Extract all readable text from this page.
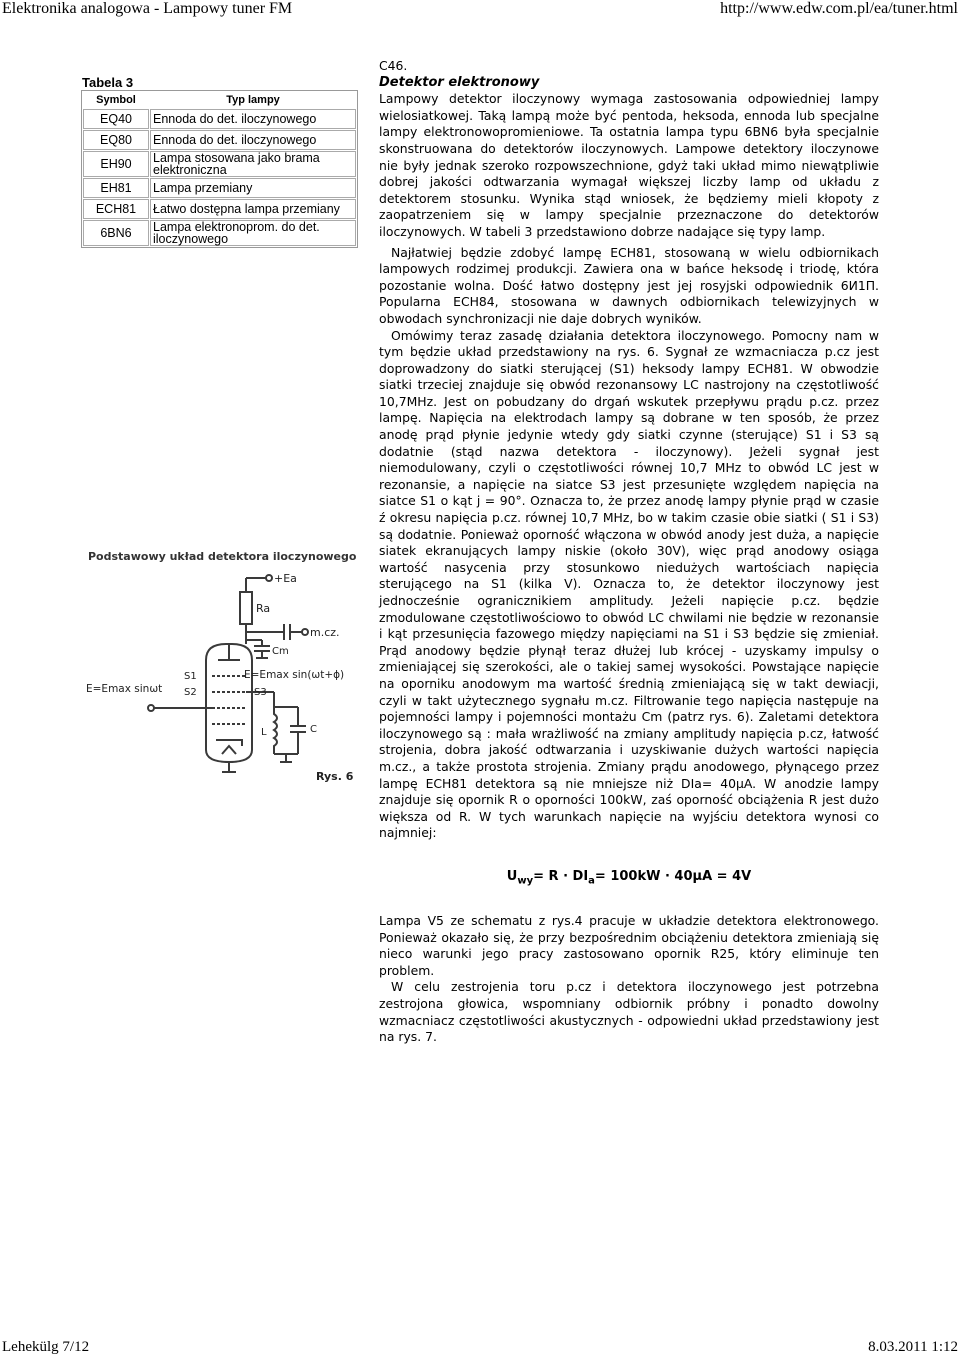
Elektronika analogowa - Lampowy tuner FM	http://www.edw.com.pl/ea/tuner.html
Tabela 3
Symbol	Typ lampy
EQ40	Ennoda do det. iloczynowego
EQ80	Ennoda do det. iloczynowego
EH90	Lampa stosowana jako brama elektroniczna
EH81	Lampa przemiany
ECH81	Łatwo dostępna lampa przemiany
6BN6	Lampa elektronoprom. do det. iloczynowego
Podstawowy układ detektora iloczynowego
+Ea
Ra
m.cz.
Cm
E=Emax sinωt
E=Emax sin(ωt+ϕ)
S1
S2	S3
L	C
Rys. 6

C46.

Detektor elektronowy

Lampowy detektor iloczynowy wymaga zastosowania odpowiedniej lampy wielosiatkowej. Taką lampą może być pentoda, heksoda, ennoda lub specjalne lampy elektronowopromieniowe. Ta ostatnia lampa typu 6BN6 była specjalnie skonstruowana do detektorów iloczynowych. Lampowe detektory iloczynowe nie były jednak szeroko rozpowszechnione, gdyż taki układ mimo niewątpliwie dobrej jakości odtwarzania wymagał większej liczby lamp od układu z detektorem stosunku. Wynika stąd wniosek, że będziemy mieli kłopoty z zaopatrzeniem się w lampy specjalnie przeznaczone do detektorów iloczynowych. W tabeli 3 przedstawiono dobrze nadające się typy lamp.

Najłatwiej będzie zdobyć lampę ECH81, stosowaną w wielu odbiornikach lampowych rodzimej produkcji. Zawiera ona w bańce heksodę i triodę, która pozostanie wolna. Dość łatwo dostępny jest jej rosyjski odpowiednik 6И1П. Popularna ECH84, stosowana w dawnych odbiornikach telewizyjnych w obwodach synchronizacji nie daje dobrych wyników.

Omówimy teraz zasadę działania detektora iloczynowego. Pomocny nam w tym będzie układ przedstawiony na rys. 6. Sygnał ze wzmacniacza p.cz jest doprowadzony do siatki sterującej (S1) heksody lampy ECH81. W obwodzie siatki trzeciej znajduje się obwód rezonansowy LC nastrojony na częstotliwość 10,7MHz. Jest on pobudzany do drgań wskutek przepływu prądu p.cz. przez lampę. Napięcia na elektrodach lampy są dobrane w ten sposób, że przez anodę prąd płynie jedynie wtedy gdy siatki czynne (sterujące) S1 i S3 są dodatnie (stąd nazwa detektora - iloczynowy). Jeżeli sygnał jest niemodulowany, czyli o częstotliwości równej 10,7 MHz to obwód LC jest w rezonansie, a napięcie na siatce S3 jest przesunięte względem napięcia na siatce S1 o kąt j = 90°. Oznacza to, że przez anodę lampy płynie prąd w czasie ź okresu napięcia p.cz. równej 10,7 MHz, bo w takim czasie obie siatki ( S1 i S3) są dodatnie. Ponieważ oporność włączona w obwód anody jest duża, a napięcie siatek ekranujących lampy niskie (około 30V), więc prąd anodowy osiąga wartość nasycenia przy stosunkowo niedużych wartościach napięcia sterującego na S1 (kilka V). Oznacza to, że detektor iloczynowy jest jednocześnie ogranicznikiem amplitudy. Jeżeli napięcie p.cz. będzie zmodulowane częstotliwościowo to obwód LC chwilami nie będzie w rezonansie i kąt przesunięcia fazowego między napięciami na S1 i S3 będzie się zmieniał. Prąd anodowy będzie płynął teraz dłużej lub krócej - uzyskamy impulsy o zmieniającej się szerokości, ale o takiej samej wysokości. Powstające napięcie na oporniku anodowym ma wartość średnią zmieniającą się w takt dewiacji, czyli w takt użytecznego sygnału m.cz. Filtrowanie tego napięcia następuje na pojemności lampy i pojemności montażu Cm (patrz rys. 6). Zaletami detektora iloczynowego są : mała wrażliwość na zmiany amplitudy napięcia p.cz, łatwość strojenia, dobra jakość odtwarzania i uzyskiwanie dużych wartości napięcia m.cz., a także prostota strojenia. Zmiany prądu anodowego, płynącego przez lampę ECH81 detektora są nie mniejsze niż DIa= 40µA. W anodzie lampy znajduje się opornik R o oporności 100kW, zaś oporność obciążenia R jest dużo większa od R. W tych warunkach napięcie na wyjściu detektora wynosi co najmniej:

$U_{wy}= R \cdot DI_a= 100kW \cdot 40\mu A = 4V$

Lampa V5 ze schematu z rys.4 pracuje w układzie detektora elektronowego. Ponieważ okazało się, że przy bezpośrednim obciążeniu detektora zmieniają się nieco warunki jego pracy zastosowano opornik R25, który eliminuje ten problem.

W celu zestrojenia toru p.cz i detektora iloczynowego jest potrzebna zestrojona głowica, wspomniany odbiornik próbny i ponadto dowolny wzmacniacz częstotliwości akustycznych - odpowiedni układ przedstawiony jest na rys. 7.

Lehekülg 7/12	8.03.2011 1:12
